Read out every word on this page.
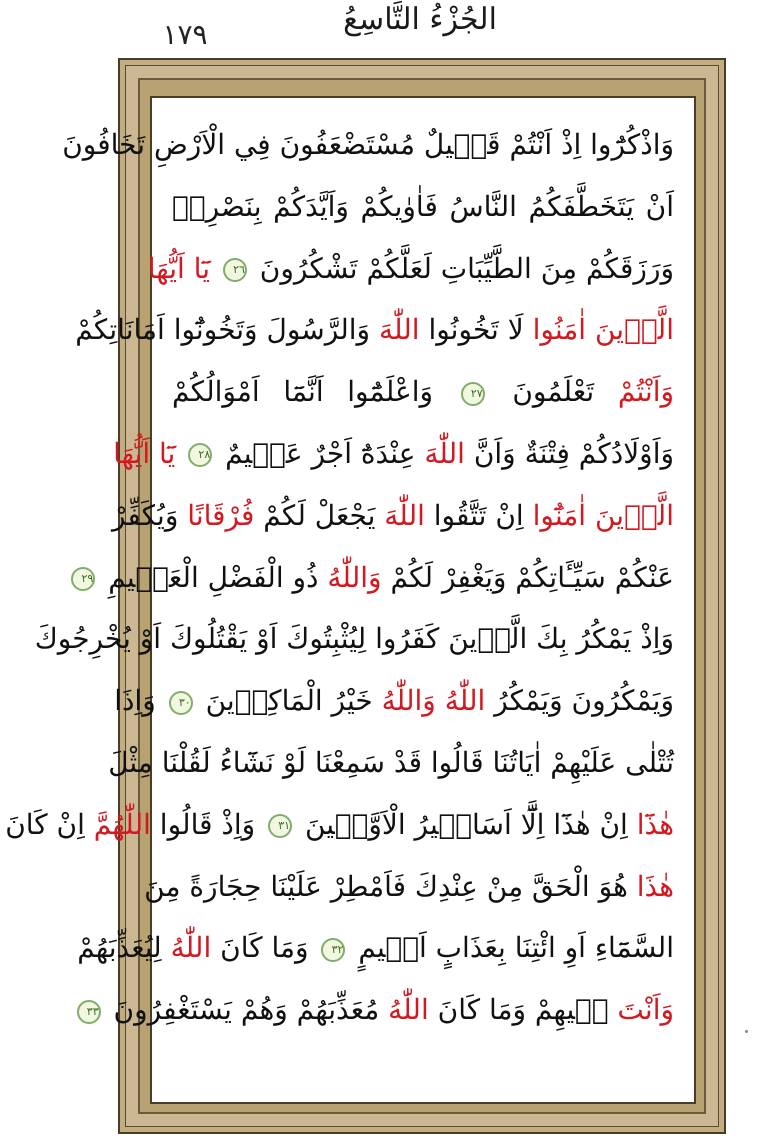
١٧٩	الجُزْءُ التَّاسِعُ
وَاذْكُرُٓوا اِذْ اَنْتُمْ قَل۪يلٌ مُسْتَضْعَفُونَ فِي الْاَرْضِ تَخَافُونَ
اَنْ يَتَخَطَّفَكُمُ النَّاسُ فَاٰوٰيكُمْ وَاَيَّدَكُمْ بِنَصْرِه۪
وَرَزَقَكُمْ مِنَ الطَّيِّبَاتِ لَعَلَّكُمْ تَشْكُرُونَ ٢٦ يَٓا اَيُّهَا
الَّذ۪ينَ اٰمَنُوا لَا تَخُونُوا اللّٰهَ وَالرَّسُولَ وَتَخُونُٓوا اَمَانَاتِكُمْ
وَاَنْتُمْ تَعْلَمُونَ ٢٧ وَاعْلَمُٓوا اَنَّمَٓا اَمْوَالُكُمْ
وَاَوْلَادُكُمْ فِتْنَةٌ وَاَنَّ اللّٰهَ عِنْدَهُٓ اَجْرٌ عَظ۪يمٌ ٢٨ يَٓا اَيُّهَا
الَّذ۪ينَ اٰمَنُٓوا اِنْ تَتَّقُوا اللّٰهَ يَجْعَلْ لَكُمْ فُرْقَانًا وَيُكَفِّرْ
عَنْكُمْ سَيِّـَٔاتِكُمْ وَيَغْفِرْ لَكُمْ وَاللّٰهُ ذُو الْفَضْلِ الْعَظ۪يمِ ٢٩
وَاِذْ يَمْكُرُ بِكَ الَّذ۪ينَ كَفَرُوا لِيُثْبِتُوكَ اَوْ يَقْتُلُوكَ اَوْ يُخْرِجُوكَ
وَيَمْكُرُونَ وَيَمْكُرُ اللّٰهُ وَاللّٰهُ خَيْرُ الْمَاكِر۪ينَ ٣٠ وَاِذَا
تُتْلٰى عَلَيْهِمْ اٰيَاتُنَا قَالُوا قَدْ سَمِعْنَا لَوْ نَشَٓاءُ لَقُلْنَا مِثْلَ
هٰذَٓا اِنْ هٰذَٓا اِلَّٓا اَسَاط۪يرُ الْاَوَّل۪ينَ ٣١ وَاِذْ قَالُوا اللّٰهُمَّ اِنْ كَانَ
هٰذَا هُوَ الْحَقَّ مِنْ عِنْدِكَ فَاَمْطِرْ عَلَيْنَا حِجَارَةً مِنَ
السَّمَٓاءِ اَوِ ائْتِنَا بِعَذَابٍ اَل۪يمٍ ٣٢ وَمَا كَانَ اللّٰهُ لِيُعَذِّبَهُمْ
وَاَنْتَ ف۪يهِمْ وَمَا كَانَ اللّٰهُ مُعَذِّبَهُمْ وَهُمْ يَسْتَغْفِرُونَ ٣٣
